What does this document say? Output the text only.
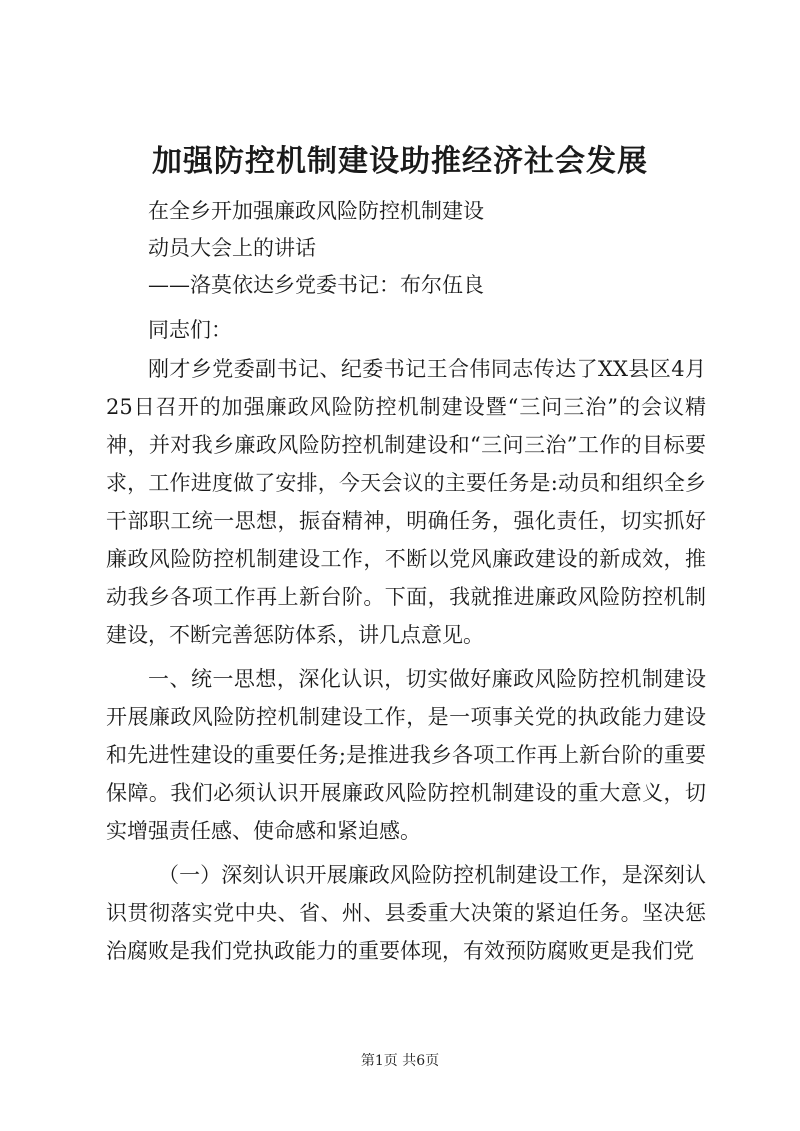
加强防控机制建设助推经济社会发展
在全乡开加强廉政风险防控机制建设
动员大会上的讲话
——洛莫依达乡党委书记：布尔伍良
同志们：

刚才乡党委副书记、纪委书记王合伟同志传达了XX县区4月25日召开的加强廉政风险防控机制建设暨“三问三治”的会议精神，并对我乡廉政风险防控机制建设和“三问三治”工作的目标要求，工作进度做了安排，今天会议的主要任务是:动员和组织全乡干部职工统一思想，振奋精神，明确任务，强化责任，切实抓好廉政风险防控机制建设工作，不断以党风廉政建设的新成效，推动我乡各项工作再上新台阶。下面，我就推进廉政风险防控机制建设，不断完善惩防体系，讲几点意见。

一、统一思想，深化认识，切实做好廉政风险防控机制建设开展廉政风险防控机制建设工作，是一项事关党的执政能力建设和先进性建设的重要任务;是推进我乡各项工作再上新台阶的重要保障。我们必须认识开展廉政风险防控机制建设的重大意义，切实增强责任感、使命感和紧迫感。

（一）深刻认识开展廉政风险防控机制建设工作，是深刻认识贯彻落实党中央、省、州、县委重大决策的紧迫任务。坚决惩治腐败是我们党执政能力的重要体现，有效预防腐败更是我们党

第1页 共6页
